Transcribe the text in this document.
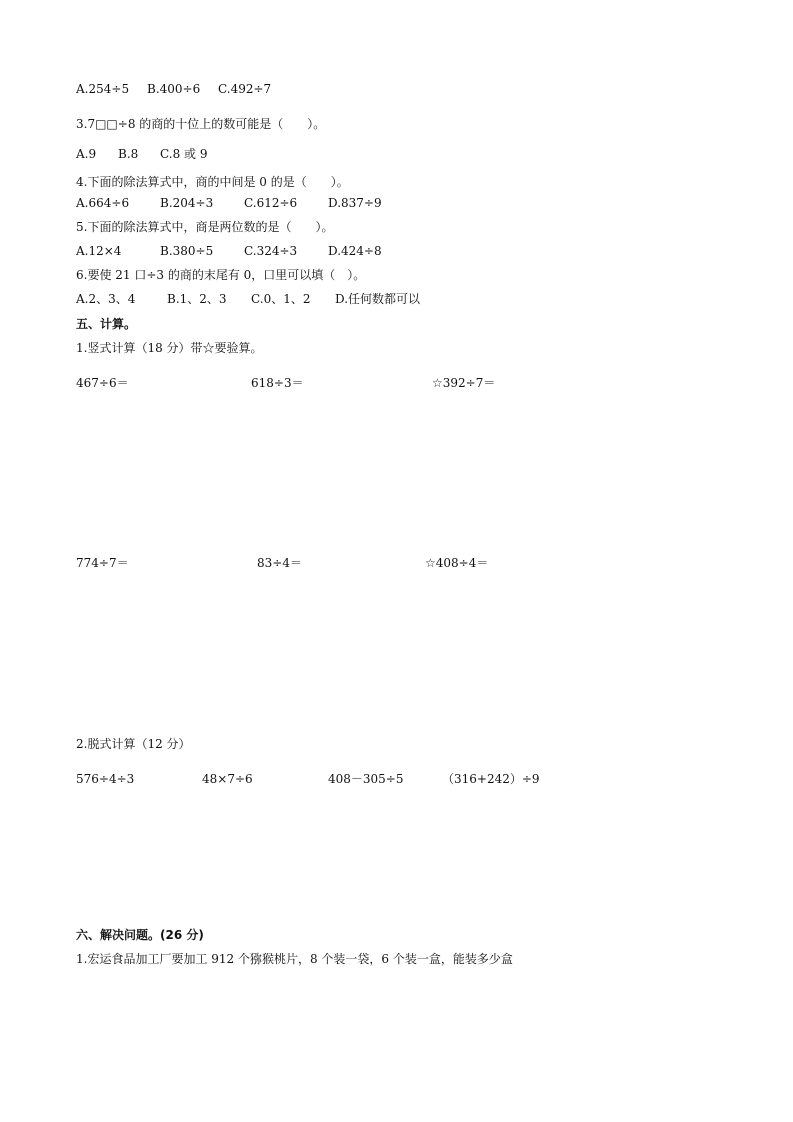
A.254÷5 B.400÷6 C.492÷7
3.7□□÷8 的商的十位上的数可能是（　　）。
A.9 B.8 C.8 或 9
4.下面的除法算式中，商的中间是 0 的是（　　）。
A.664÷6	B.204÷3	C.612÷6	D.837÷9
5.下面的除法算式中，商是两位数的是（　　）。
A.12×4	B.380÷5	C.324÷3	D.424÷8
6.要使 21 口÷3 的商的末尾有 0，口里可以填（　）。
A.2、3、4	B.1、2、3 C.0、1、2 D.任何数都可以
五、计算。
1.竖式计算（18 分）带☆要验算。
467÷6＝	618÷3＝	☆392÷7＝
774÷7＝	83÷4＝	☆408÷4＝
2.脱式计算（12 分）
576÷4÷3	48×7÷6	408－305÷5	（316+242）÷9
六、解决问题。(26 分)
1.宏运食品加工厂要加工 912 个猕猴桃片，8 个装一袋，6 个装一盒，能装多少盒
